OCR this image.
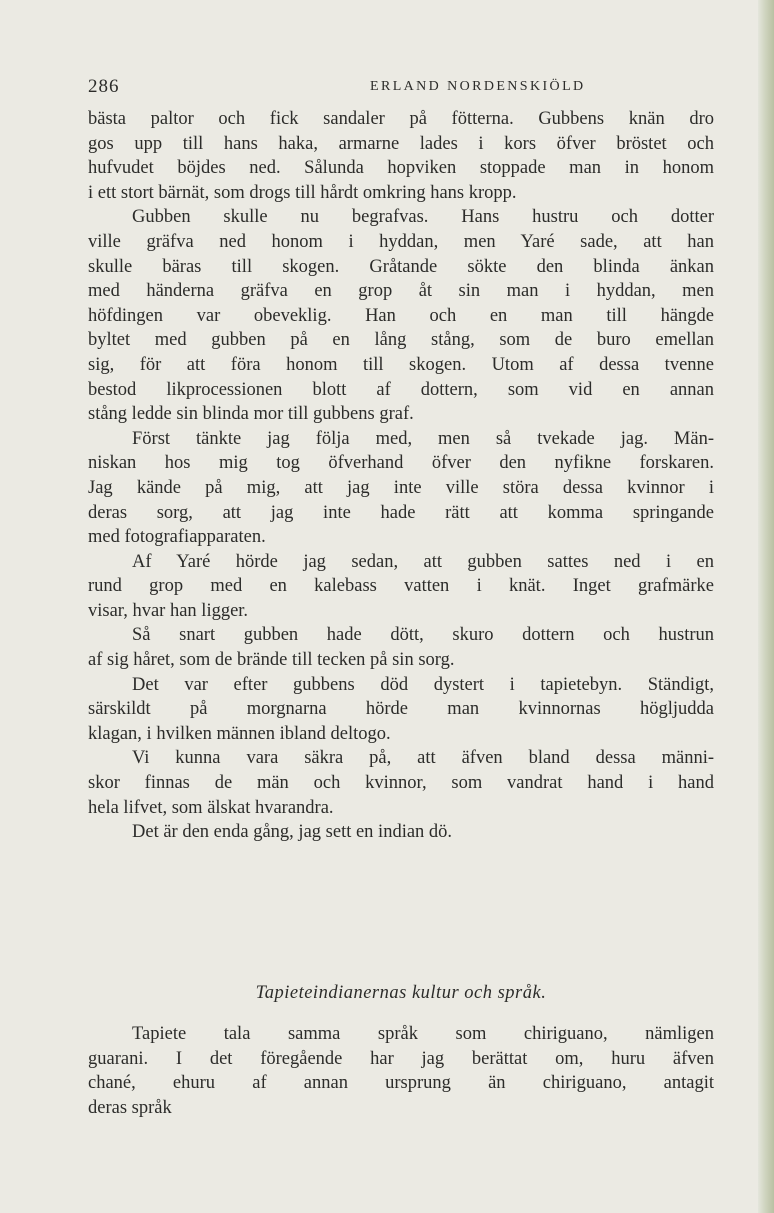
286	ERLAND NORDENSKIÖLD
bästa paltor och fick sandaler på fötterna. Gubbens knän dro
gos upp till hans haka, armarne lades i kors öfver bröstet och
hufvudet böjdes ned. Sålunda hopviken stoppade man in honom
i ett stort bärnät, som drogs till hårdt omkring hans kropp.
Gubben skulle nu begrafvas. Hans hustru och dotter
ville gräfva ned honom i hyddan, men Yaré sade, att han
skulle bäras till skogen. Gråtande sökte den blinda änkan
med händerna gräfva en grop åt sin man i hyddan, men
höfdingen var obeveklig. Han och en man till hängde
byltet med gubben på en lång stång, som de buro emellan
sig, för att föra honom till skogen. Utom af dessa tvenne
bestod likprocessionen blott af dottern, som vid en annan
stång ledde sin blinda mor till gubbens graf.
Först tänkte jag följa med, men så tvekade jag. Män-
niskan hos mig tog öfverhand öfver den nyfikne forskaren.
Jag kände på mig, att jag inte ville störa dessa kvinnor i
deras sorg, att jag inte hade rätt att komma springande
med fotografiapparaten.
Af Yaré hörde jag sedan, att gubben sattes ned i en
rund grop med en kalebass vatten i knät. Inget grafmärke
visar, hvar han ligger.
Så snart gubben hade dött, skuro dottern och hustrun
af sig håret, som de brände till tecken på sin sorg.
Det var efter gubbens död dystert i tapietebyn. Ständigt,
särskildt på morgnarna hörde man kvinnornas högljudda
klagan, i hvilken männen ibland deltogo.
Vi kunna vara säkra på, att äfven bland dessa männi-
skor finnas de män och kvinnor, som vandrat hand i hand
hela lifvet, som älskat hvarandra.
Det är den enda gång, jag sett en indian dö.
Tapieteindianernas kultur och språk.
Tapiete tala samma språk som chiriguano, nämligen
guarani. I det föregående har jag berättat om, huru äfven
chané, ehuru af annan ursprung än chiriguano, antagit
deras språk
